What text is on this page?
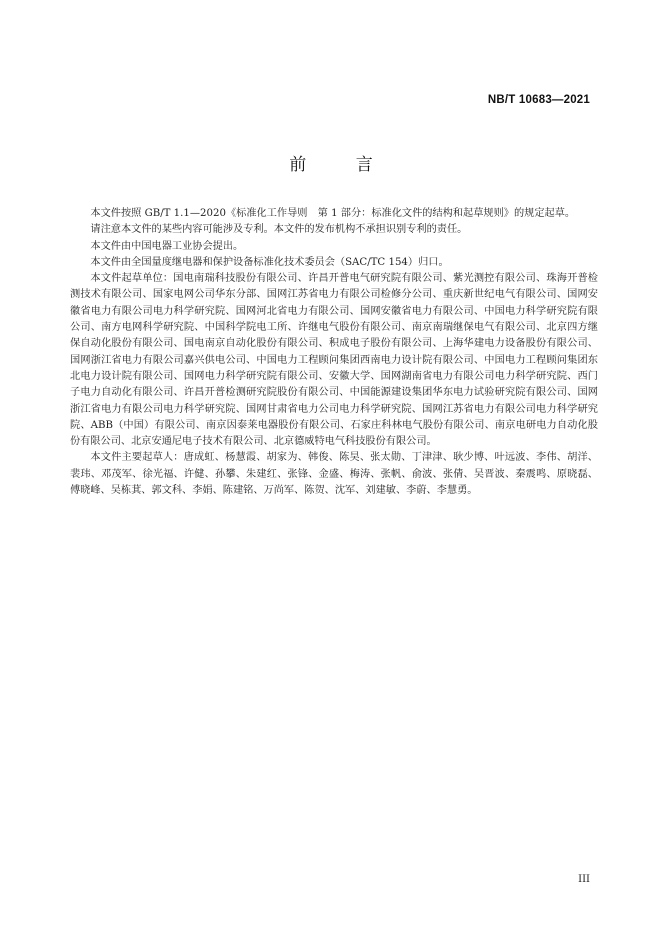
NB/T 10683—2021
前 言

本文件按照 GB/T 1.1—2020《标准化工作导则　第 1 部分：标准化文件的结构和起草规则》的规定起草。

请注意本文件的某些内容可能涉及专利。本文件的发布机构不承担识别专利的责任。

本文件由中国电器工业协会提出。

本文件由全国量度继电器和保护设备标准化技术委员会（SAC/TC 154）归口。

本文件起草单位：国电南瑞科技股份有限公司、许昌开普电气研究院有限公司、紫光测控有限公司、珠海开普检测技术有限公司、国家电网公司华东分部、国网江苏省电力有限公司检修分公司、重庆新世纪电气有限公司、国网安徽省电力有限公司电力科学研究院、国网河北省电力有限公司、国网安徽省电力有限公司、中国电力科学研究院有限公司、南方电网科学研究院、中国科学院电工所、许继电气股份有限公司、南京南瑞继保电气有限公司、北京四方继保自动化股份有限公司、国电南京自动化股份有限公司、积成电子股份有限公司、上海华建电力设备股份有限公司、国网浙江省电力有限公司嘉兴供电公司、中国电力工程顾问集团西南电力设计院有限公司、中国电力工程顾问集团东北电力设计院有限公司、国网电力科学研究院有限公司、安徽大学、国网湖南省电力有限公司电力科学研究院、西门子电力自动化有限公司、许昌开普检测研究院股份有限公司、中国能源建设集团华东电力试验研究院有限公司、国网浙江省电力有限公司电力科学研究院、国网甘肃省电力公司电力科学研究院、国网江苏省电力有限公司电力科学研究院、ABB（中国）有限公司、南京因泰莱电器股份有限公司、石家庄科林电气股份有限公司、南京电研电力自动化股份有限公司、北京安通尼电子技术有限公司、北京德威特电气科技股份有限公司。

本文件主要起草人：唐成虹、杨慧霞、胡家为、韩俊、陈昊、张太勋、丁津津、耿少博、叶远波、李伟、胡洋、裴玮、邓茂军、徐光福、许健、孙攀、朱建红、张锋、金盛、梅涛、张帆、俞波、张倩、吴晋波、秦震鸣、原晓磊、傅晓峰、吴栋萁、郭文科、李娟、陈建铭、万尚军、陈贺、沈军、刘建敏、李蔚、李慧勇。

III
